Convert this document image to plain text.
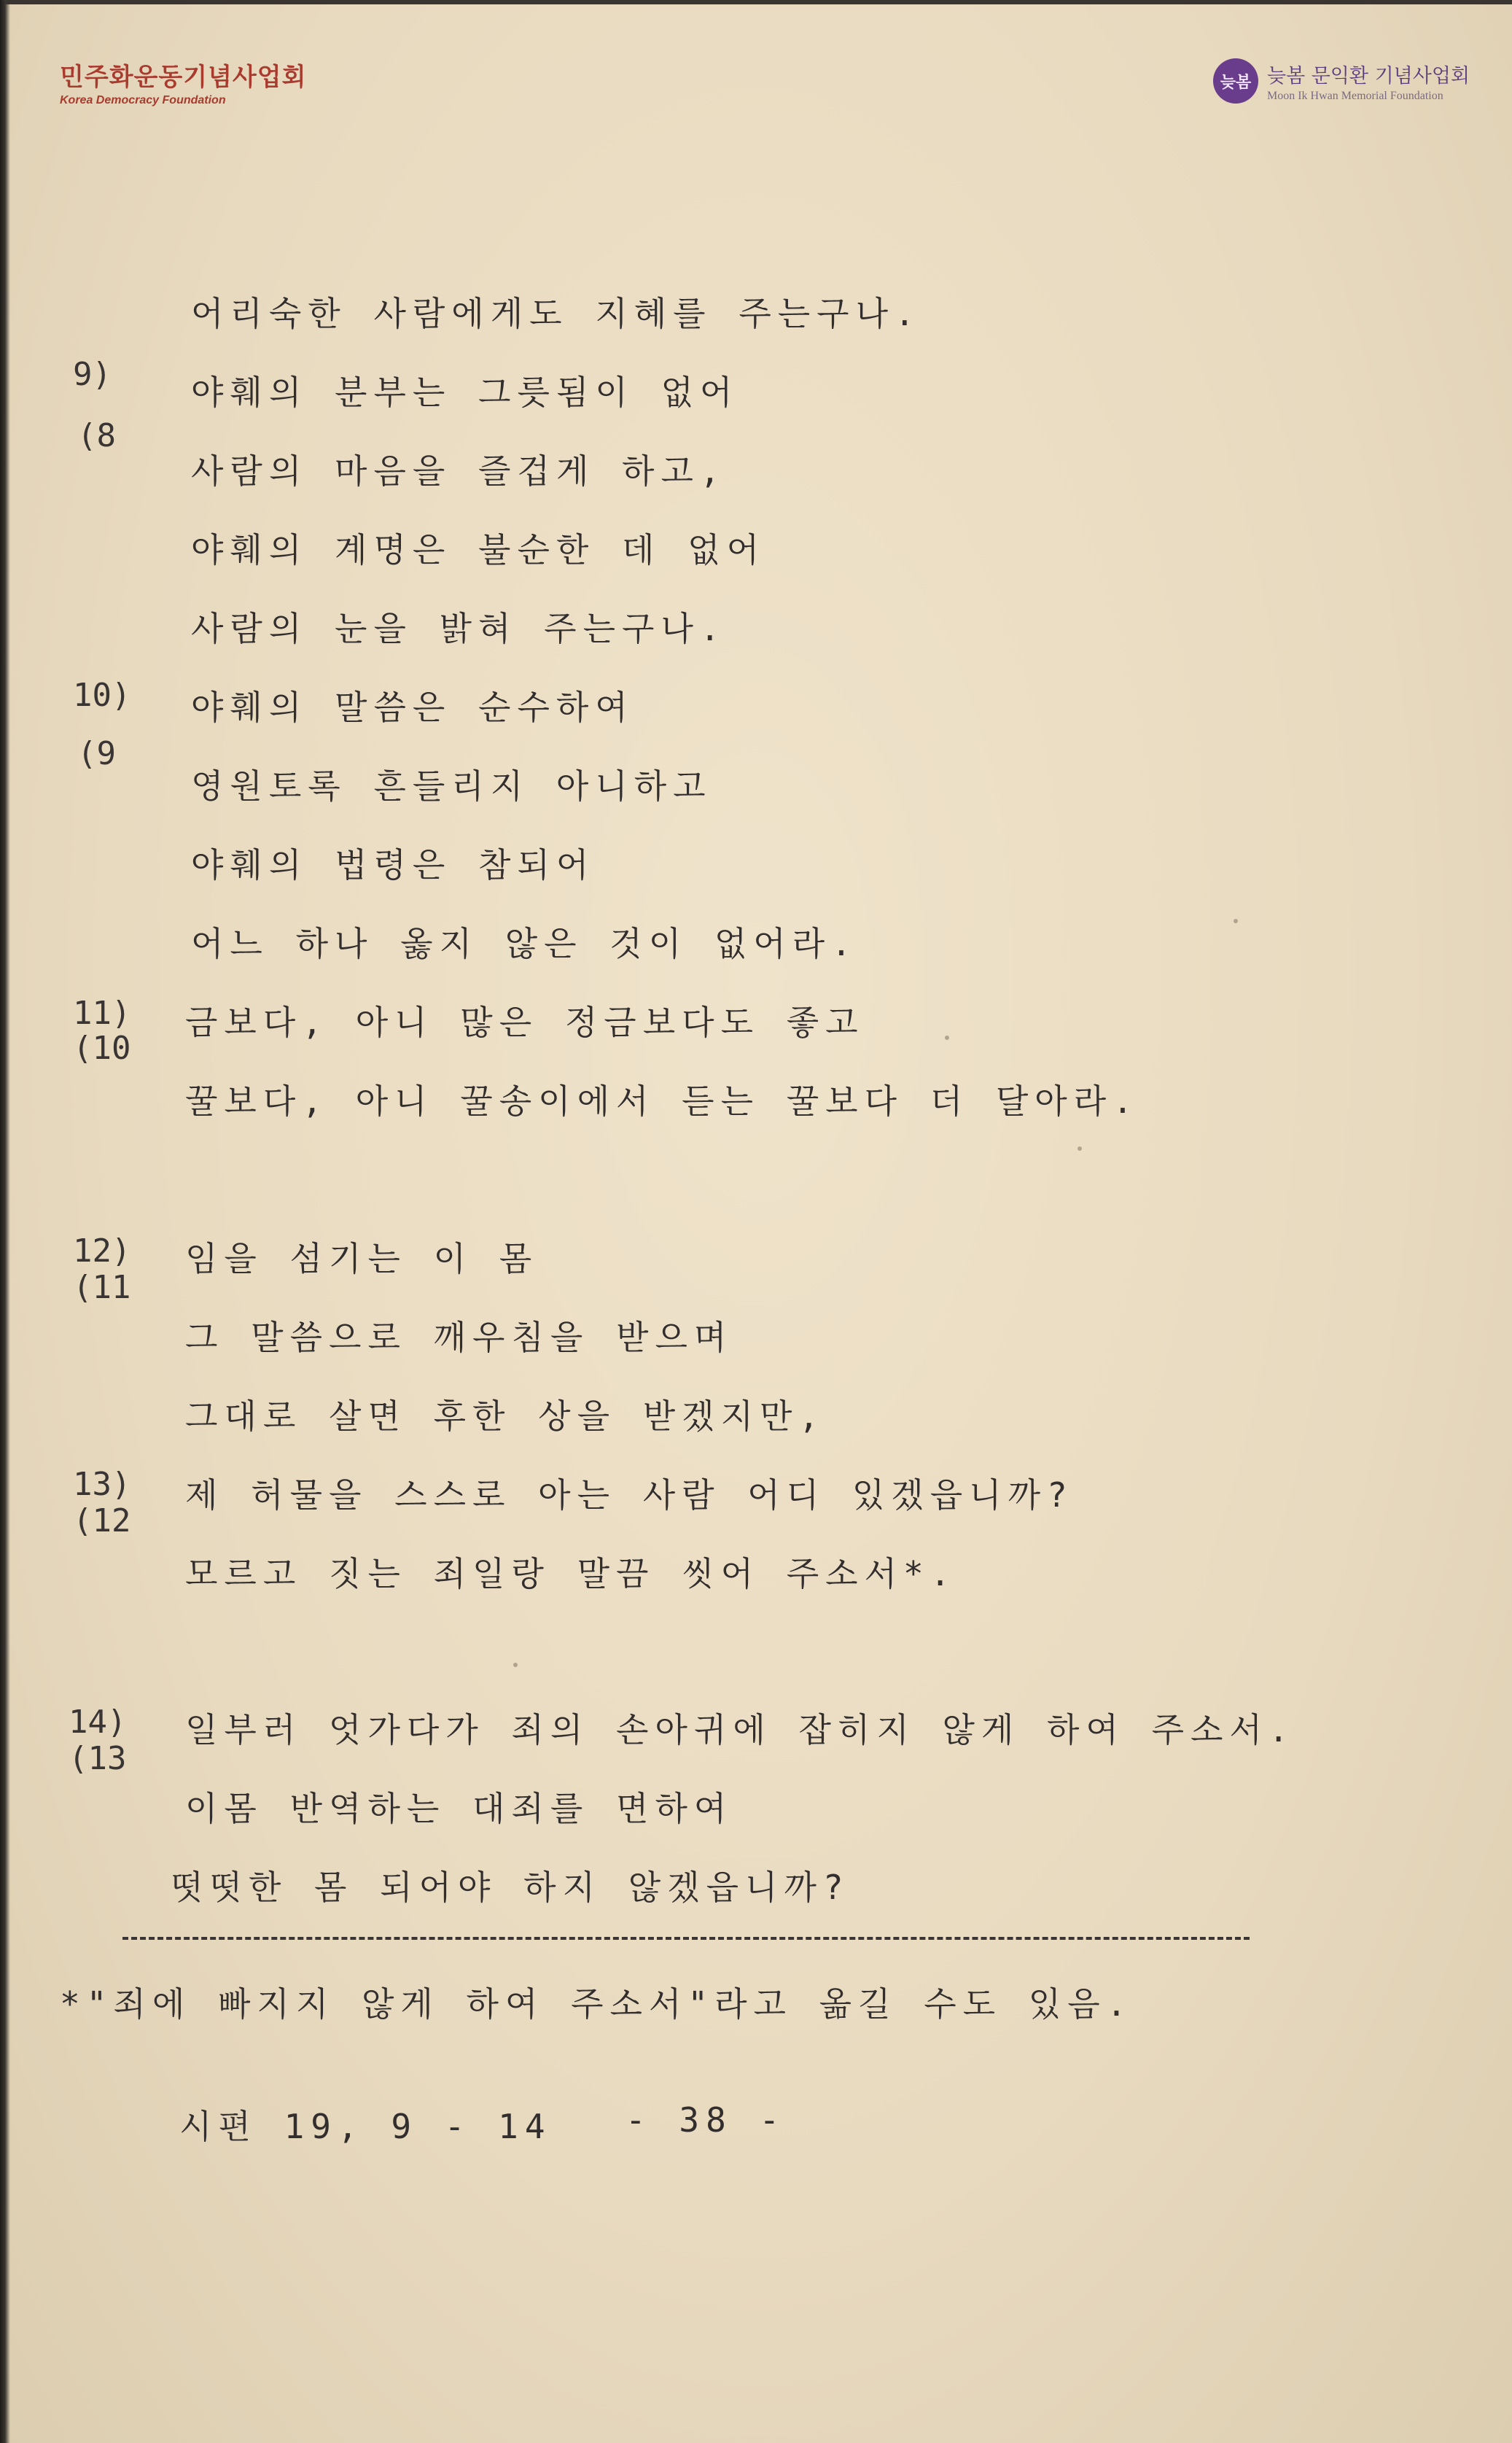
민주화운동기념사업회
Korea Democracy Foundation
늦봄 늦봄 문익환 기념사업회
Moon Ik Hwan Memorial Foundation
9)
(8
10)
(9
11)
(10
12)
(11
13)
(12
14)
(13
어리숙한 사람에게도 지혜를 주는구나.
야훼의 분부는 그릇됨이 없어
사람의 마음을 즐겁게 하고,
야훼의 계명은 불순한 데 없어
사람의 눈을 밝혀 주는구나.
야훼의 말씀은 순수하여
영원토록 흔들리지 아니하고
야훼의 법령은 참되어
어느 하나 옳지 않은 것이 없어라.
금보다, 아니 많은 정금보다도 좋고
꿀보다, 아니 꿀송이에서 듣는 꿀보다 더 달아라.
임을 섬기는 이 몸
그 말씀으로 깨우침을 받으며
그대로 살면 후한 상을 받겠지만,
제 허물을 스스로 아는 사람 어디 있겠읍니까?
모르고 짓는 죄일랑 말끔 씻어 주소서*.
일부러 엇가다가 죄의 손아귀에 잡히지 않게 하여 주소서.
이몸 반역하는 대죄를 면하여
떳떳한 몸 되어야 하지 않겠읍니까?
*"죄에 빠지지 않게 하여 주소서"라고 옮길 수도 있음.
시편 19, 9 - 14 - 38 -
